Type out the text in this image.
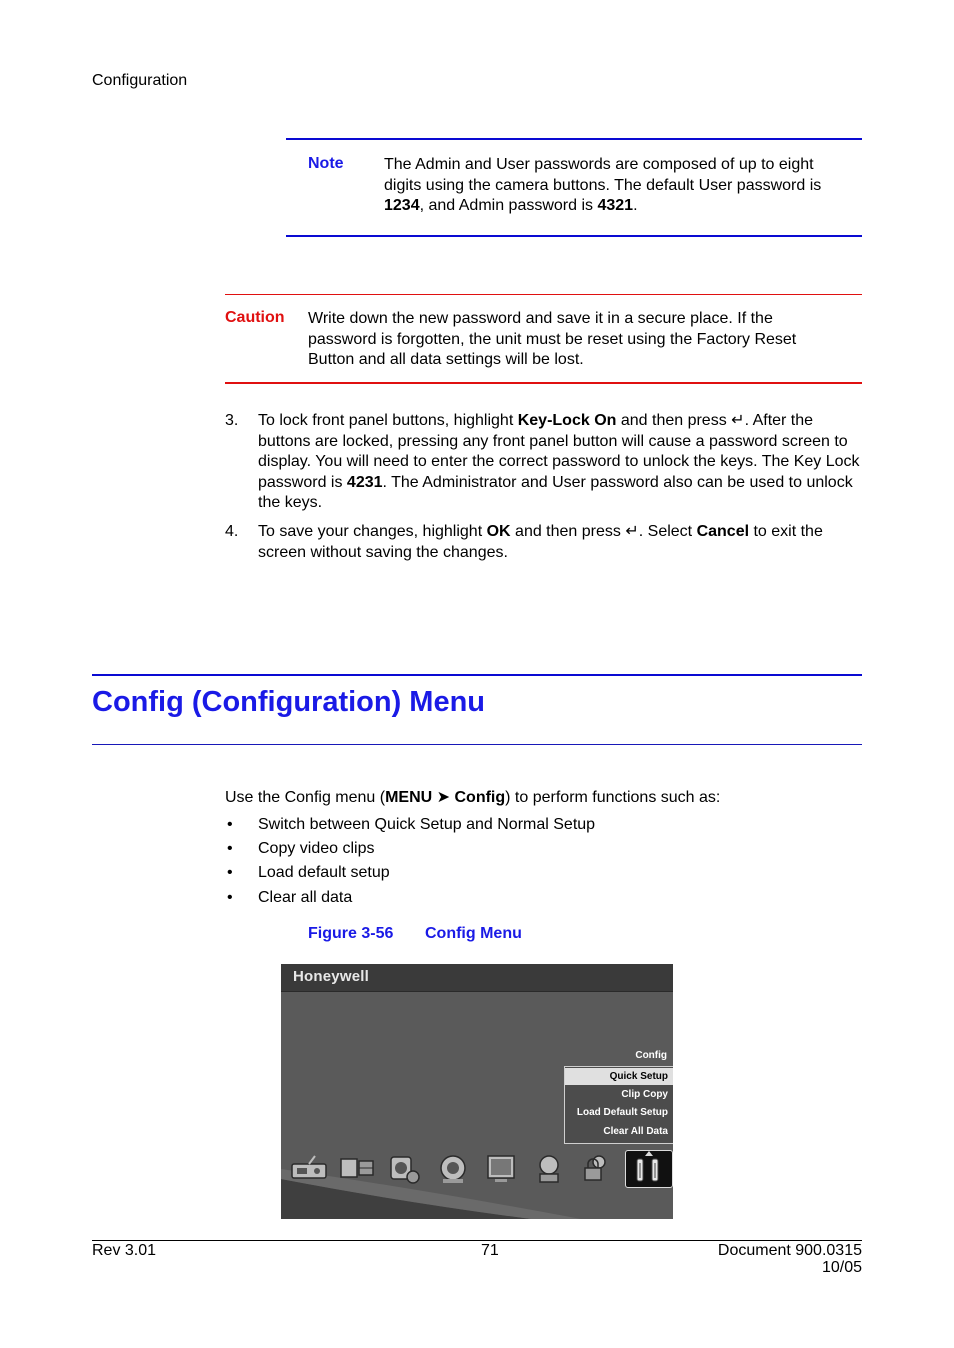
Configuration
Note	The Admin and User passwords are composed of up to eight digits using the camera buttons. The default User password is 1234, and Admin password is 4321.
Caution Write down the new password and save it in a secure place. If the password is forgotten, the unit must be reset using the Factory Reset Button and all data settings will be lost.
3. To lock front panel buttons, highlight Key-Lock On and then press ↵. After the buttons are locked, pressing any front panel button will cause a password screen to display. You will need to enter the correct password to unlock the keys. The Key Lock password is 4231. The Administrator and User password also can be used to unlock the keys.
4. To save your changes, highlight OK and then press ↵. Select Cancel to exit the screen without saving the changes.
Config (Configuration) Menu
Use the Config menu (MENU ➤ Config) to perform functions such as:
• Switch between Quick Setup and Normal Setup
• Copy video clips
• Load default setup
• Clear all data
Figure 3-56 Config Menu
Honeywell
Config
Quick Setup
Clip Copy
Load Default Setup
Clear All Data
Rev 3.01	71	Document 900.0315
10/05
